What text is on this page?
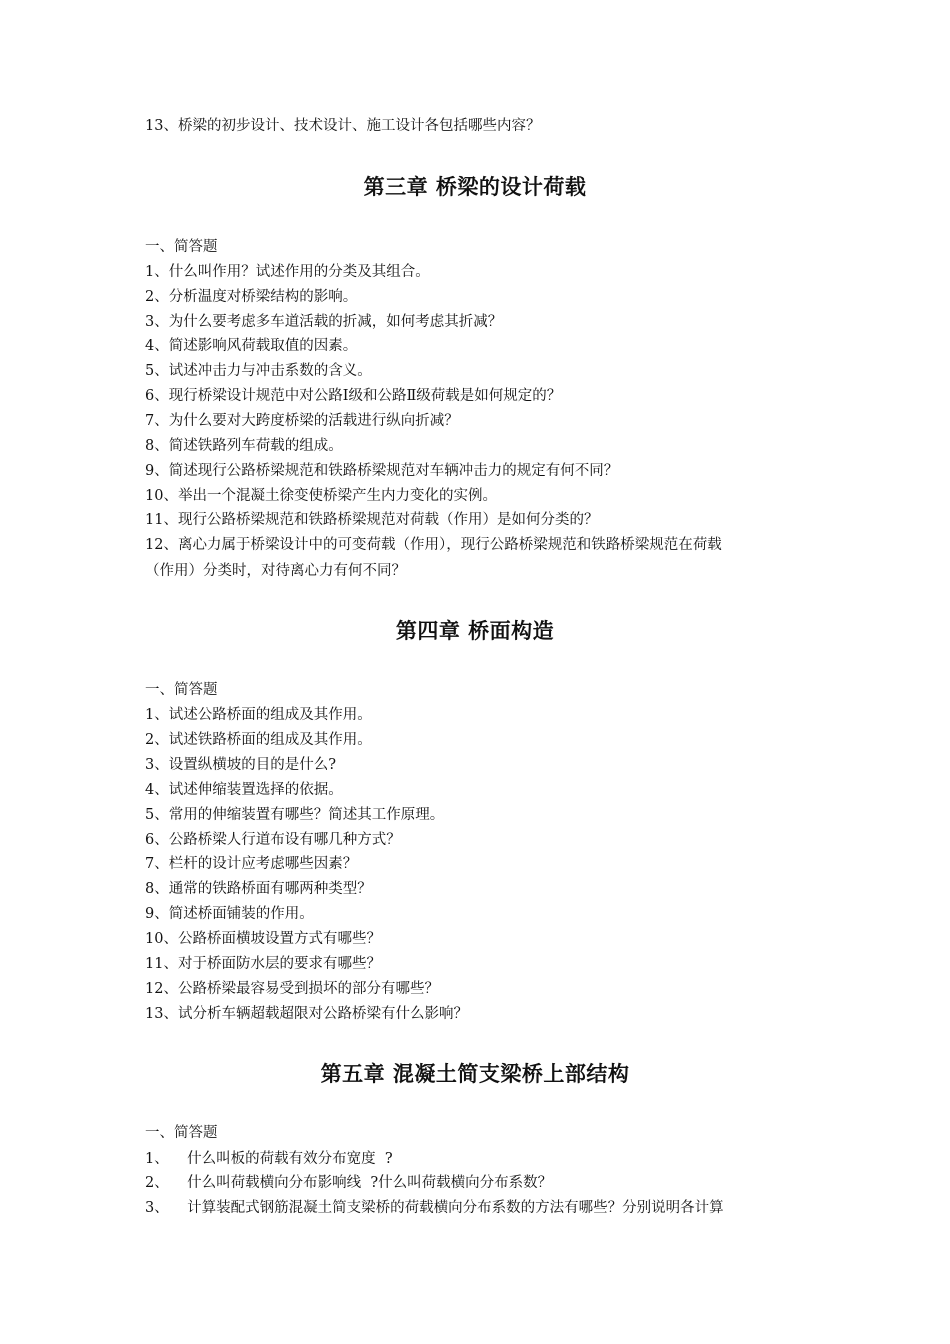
13、桥梁的初步设计、技术设计、施工设计各包括哪些内容？
第三章 桥梁的设计荷载
一、简答题
1、什么叫作用？试述作用的分类及其组合。
2、分析温度对桥梁结构的影响。
3、为什么要考虑多车道活载的折减，如何考虑其折减？
4、简述影响风荷载取值的因素。
5、试述冲击力与冲击系数的含义。
6、现行桥梁设计规范中对公路Ⅰ级和公路Ⅱ级荷载是如何规定的？
7、为什么要对大跨度桥梁的活载进行纵向折减？
8、简述铁路列车荷载的组成。
9、简述现行公路桥梁规范和铁路桥梁规范对车辆冲击力的规定有何不同？
10、举出一个混凝土徐变使桥梁产生内力变化的实例。
11、现行公路桥梁规范和铁路桥梁规范对荷载（作用）是如何分类的？
12、离心力属于桥梁设计中的可变荷载（作用），现行公路桥梁规范和铁路桥梁规范在荷载
（作用）分类时，对待离心力有何不同？
第四章 桥面构造
一、简答题
1、试述公路桥面的组成及其作用。
2、试述铁路桥面的组成及其作用。
3、设置纵横坡的目的是什么?
4、试述伸缩装置选择的依据。
5、常用的伸缩装置有哪些？简述其工作原理。
6、公路桥梁人行道布设有哪几种方式？
7、栏杆的设计应考虑哪些因素？
8、通常的铁路桥面有哪两种类型？
9、简述桥面铺装的作用。
10、公路桥面横坡设置方式有哪些？
11、对于桥面防水层的要求有哪些？
12、公路桥梁最容易受到损坏的部分有哪些？
13、试分析车辆超载超限对公路桥梁有什么影响？
第五章 混凝土简支梁桥上部结构
一、简答题
1、    什么叫板的荷载有效分布宽度  ?
2、    什么叫荷载横向分布影响线  ?什么叫荷载横向分布系数？
3、    计算装配式钢筋混凝土简支梁桥的荷载横向分布系数的方法有哪些？分别说明各计算
